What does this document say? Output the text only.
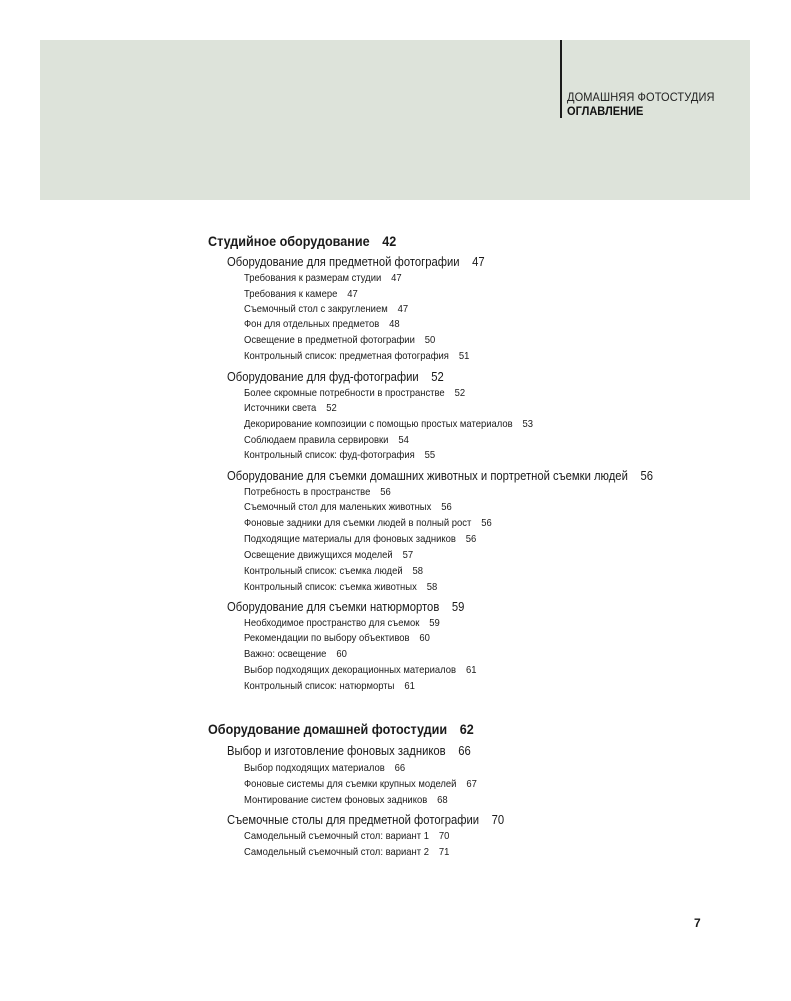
ДОМАШНЯЯ ФОТОСТУДИЯ
ОГЛАВЛЕНИЕ
Студийное оборудование 42
Оборудование для предметной фотографии 47
Требования к размерам студии 47
Требования к камере 47
Съемочный стол с закруглением 47
Фон для отдельных предметов 48
Освещение в предметной фотографии 50
Контрольный список: предметная фотография 51
Оборудование для фуд-фотографии 52
Более скромные потребности в пространстве 52
Источники света 52
Декорирование композиции с помощью простых материалов 53
Соблюдаем правила сервировки 54
Контрольный список: фуд-фотография 55
Оборудование для съемки домашних животных и портретной съемки людей 56
Потребность в пространстве 56
Съемочный стол для маленьких животных 56
Фоновые задники для съемки людей в полный рост 56
Подходящие материалы для фоновых задников 56
Освещение движущихся моделей 57
Контрольный список: съемка людей 58
Контрольный список: съемка животных 58
Оборудование для съемки натюрмортов 59
Необходимое пространство для съемок 59
Рекомендации по выбору объективов 60
Важно: освещение 60
Выбор подходящих декорационных материалов 61
Контрольный список: натюрморты 61
Оборудование домашней фотостудии 62
Выбор и изготовление фоновых задников 66
Выбор подходящих материалов 66
Фоновые системы для съемки крупных моделей 67
Монтирование систем фоновых задников 68
Съемочные столы для предметной фотографии 70
Самодельный съемочный стол: вариант 1 70
Самодельный съемочный стол: вариант 2 71
7
